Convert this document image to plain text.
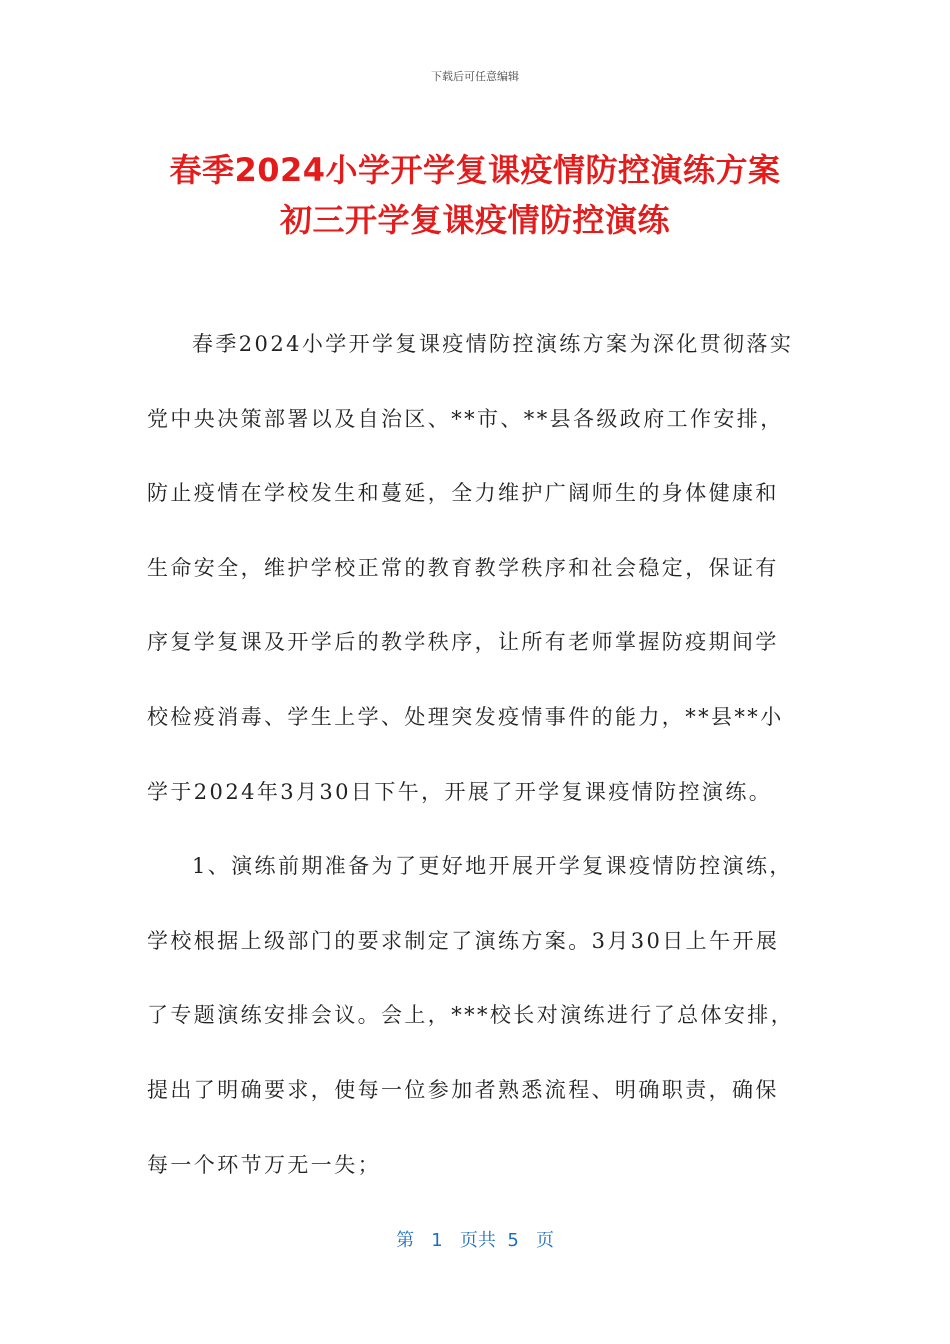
下载后可任意编辑
春季2024小学开学复课疫情防控演练方案
初三开学复课疫情防控演练
春季2024小学开学复课疫情防控演练方案为深化贯彻落实
党中央决策部署以及自治区、**市、**县各级政府工作安排，
防止疫情在学校发生和蔓延，全力维护广阔师生的身体健康和
生命安全，维护学校正常的教育教学秩序和社会稳定，保证有
序复学复课及开学后的教学秩序，让所有老师掌握防疫期间学
校检疫消毒、学生上学、处理突发疫情事件的能力，**县**小
学于2024年3月30日下午，开展了开学复课疫情防控演练。
1、演练前期准备为了更好地开展开学复课疫情防控演练，
学校根据上级部门的要求制定了演练方案。3月30日上午开展
了专题演练安排会议。会上，***校长对演练进行了总体安排，
提出了明确要求，使每一位参加者熟悉流程、明确职责，确保
每一个环节万无一失；
第 1 页共 5 页
